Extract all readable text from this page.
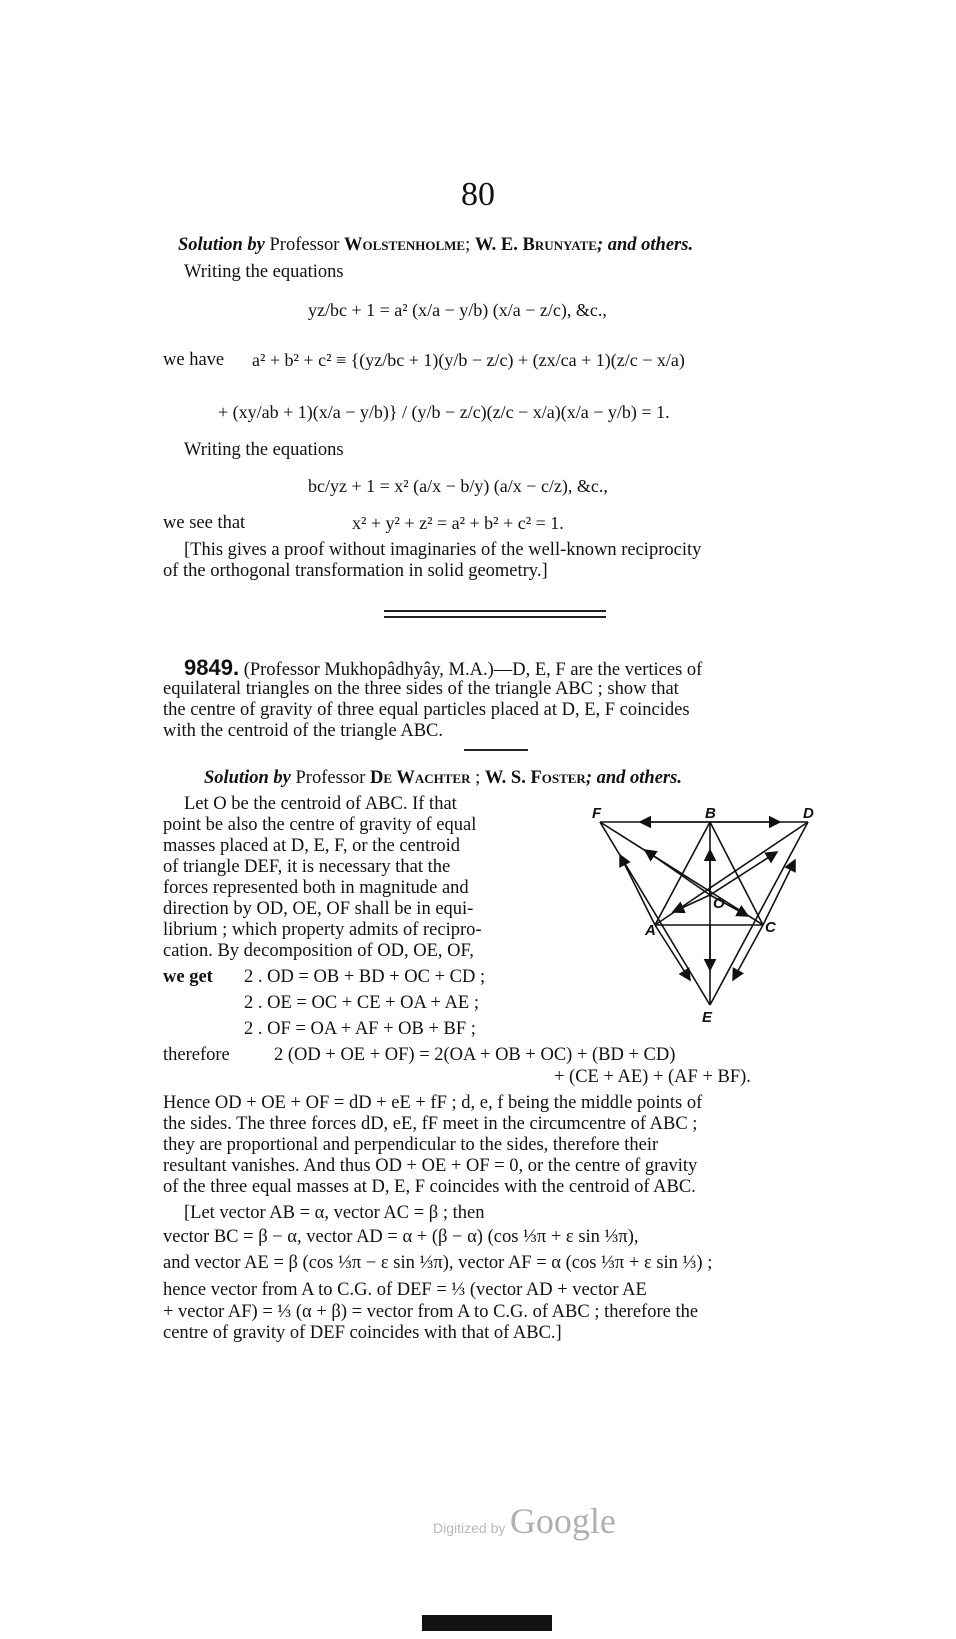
80
Solution by Professor Wolstenholme; W. E. Brunyate; and others.
Writing the equations
yz/bc + 1 = a² (x/a − y/b) (x/a − z/c), &c.,
we have a² + b² + c² ≡ {(yz/bc + 1)(y/b − z/c) + (zx/ca + 1)(z/c − x/a)
+ (xy/ab + 1)(x/a − y/b)} / (y/b − z/c)(z/c − x/a)(x/a − y/b) = 1.
Writing the equations
bc/yz + 1 = x² (a/x − b/y) (a/x − c/z), &c.,
we see that	x² + y² + z² = a² + b² + c² = 1.
[This gives a proof without imaginaries of the well-known reciprocity
of the orthogonal transformation in solid geometry.]
9849. (Professor Mukhopâdhyây, M.A.)—D, E, F are the vertices of
equilateral triangles on the three sides of the triangle ABC ; show that
the centre of gravity of three equal particles placed at D, E, F coincides
with the centroid of the triangle ABC.
Solution by Professor De Wachter ; W. S. Foster; and others.
Let O be the centroid of ABC. If that
point be also the centre of gravity of equal
masses placed at D, E, F, or the centroid
of triangle DEF, it is necessary that the
forces represented both in magnitude and
direction by OD, OE, OF shall be in equi-
librium ; which property admits of recipro-
cation. By decomposition of OD, OE, OF,
we get 2 . OD = OB + BD + OC + CD ;
2 . OE = OC + CE + OA + AE ;
2 . OF = OA + AF + OB + BF ;
therefore 2 (OD + OE + OF) = 2(OA + OB + OC) + (BD + CD)
+ (CE + AE) + (AF + BF).
Hence OD + OE + OF = dD + eE + fF ; d, e, f being the middle points of
the sides. The three forces dD, eE, fF meet in the circumcentre of ABC ;
they are proportional and perpendicular to the sides, therefore their
resultant vanishes. And thus OD + OE + OF = 0, or the centre of gravity
of the three equal masses at D, E, F coincides with the centroid of ABC.
[Let vector AB = α, vector AC = β ; then
vector BC = β − α, vector AD = α + (β − α) (cos ⅓π + ε sin ⅓π),
and vector AE = β (cos ⅓π − ε sin ⅓π), vector AF = α (cos ⅓π + ε sin ⅓) ;
hence vector from A to C.G. of DEF = ⅓ (vector AD + vector AE
+ vector AF) = ⅓ (α + β) = vector from A to C.G. of ABC ; therefore the
centre of gravity of DEF coincides with that of ABC.]
F	B	D
O
A	C
E
Digitized by Google
